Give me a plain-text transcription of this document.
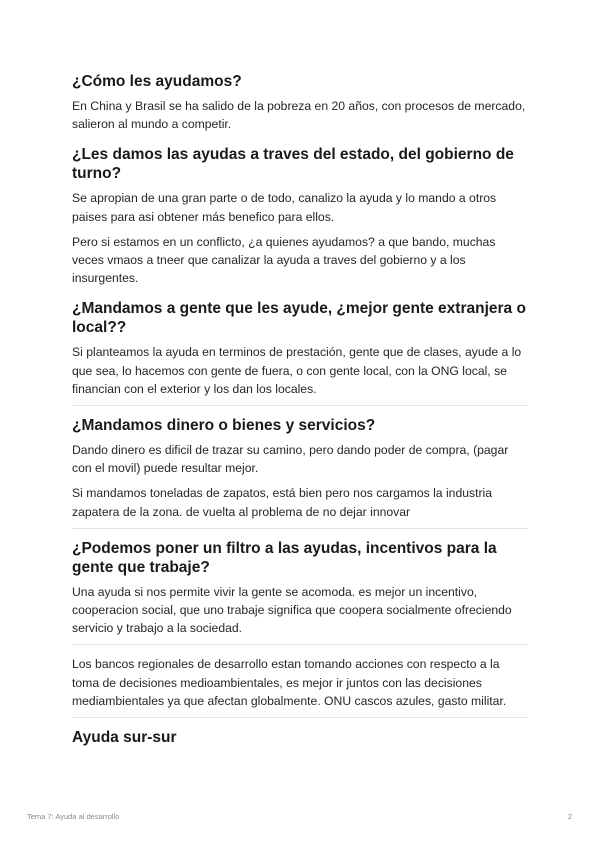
¿Cómo les ayudamos?

En China y Brasil se ha salido de la pobreza en 20 años, con procesos de mercado, salieron al mundo a competir.

¿Les damos las ayudas a traves del estado, del gobierno de turno?

Se apropian de una gran parte o de todo, canalizo la ayuda y lo mando a otros paises para asi obtener más benefico para ellos.

Pero si estamos en un conflicto, ¿a quienes ayudamos? a que bando, muchas veces vmaos a tneer que canalizar la ayuda a traves del gobierno y a los insurgentes.

¿Mandamos a gente que les ayude, ¿mejor gente extranjera o local??

Si planteamos la ayuda en terminos de prestación, gente que de clases, ayude a lo que sea, lo hacemos con gente de fuera, o con gente local, con la ONG local, se financian con el exterior y los dan los locales.

¿Mandamos dinero o bienes y servicios?

Dando dinero es dificil de trazar su camino, pero dando poder de compra, (pagar con el movil) puede resultar mejor.

Si mandamos toneladas de zapatos, está bien pero nos cargamos la industria zapatera de la zona. de vuelta al problema de no dejar innovar

¿Podemos poner un filtro a las ayudas, incentivos para la gente que trabaje?

Una ayuda si nos permite vivir la gente se acomoda. es mejor un incentivo, cooperacion social, que uno trabaje significa que coopera socialmente ofreciendo servicio y trabajo a la sociedad.

Los bancos regionales de desarrollo estan tomando acciones con respecto a la toma de decisiones medioambientales, es mejor ir juntos con las decisiones mediambientales ya que afectan globalmente. ONU cascos azules, gasto militar.

Ayuda sur-sur
Tema 7: Ayuda al desarrollo	2
